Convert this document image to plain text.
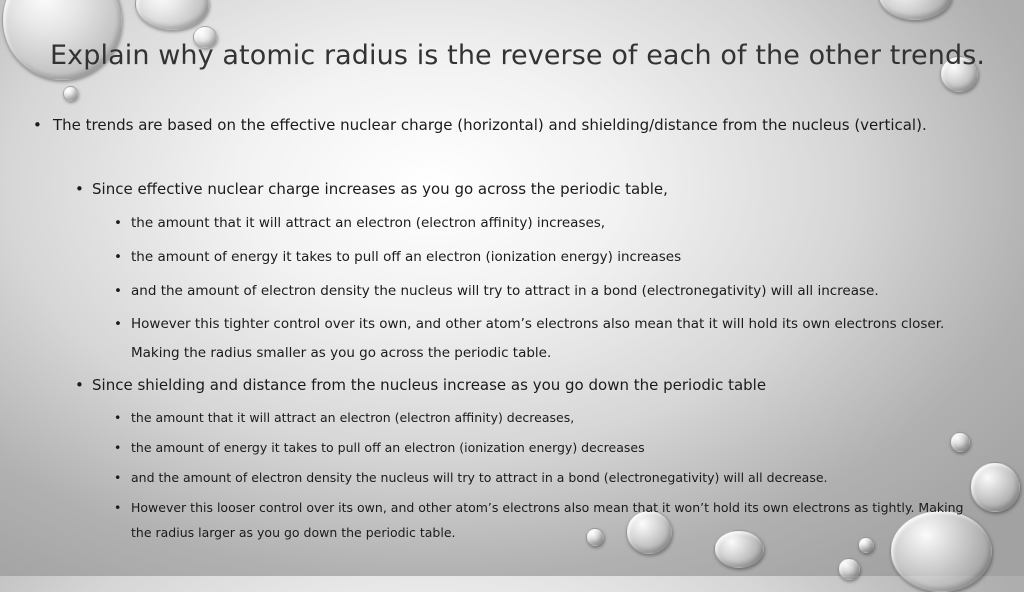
Explain why atomic radius is the reverse of each of the other trends.
• The trends are based on the effective nuclear charge (horizontal) and shielding/distance from the nucleus (vertical).
• Since effective nuclear charge increases as you go across the periodic table,
• the amount that it will attract an electron (electron affinity) increases,
• the amount of energy it takes to pull off an electron (ionization energy) increases
• and the amount of electron density the nucleus will try to attract in a bond (electronegativity) will all increase.
• However this tighter control over its own, and other atom’s electrons also mean that it will hold its own electrons closer. Making the radius smaller as you go across the periodic table.
• Since shielding and distance from the nucleus increase as you go down the periodic table
• the amount that it will attract an electron (electron affinity) decreases,
• the amount of energy it takes to pull off an electron (ionization energy) decreases
• and the amount of electron density the nucleus will try to attract in a bond (electronegativity) will all decrease.
• However this looser control over its own, and other atom’s electrons also mean that it won’t hold its own electrons as tightly. Making the radius larger as you go down the periodic table.
